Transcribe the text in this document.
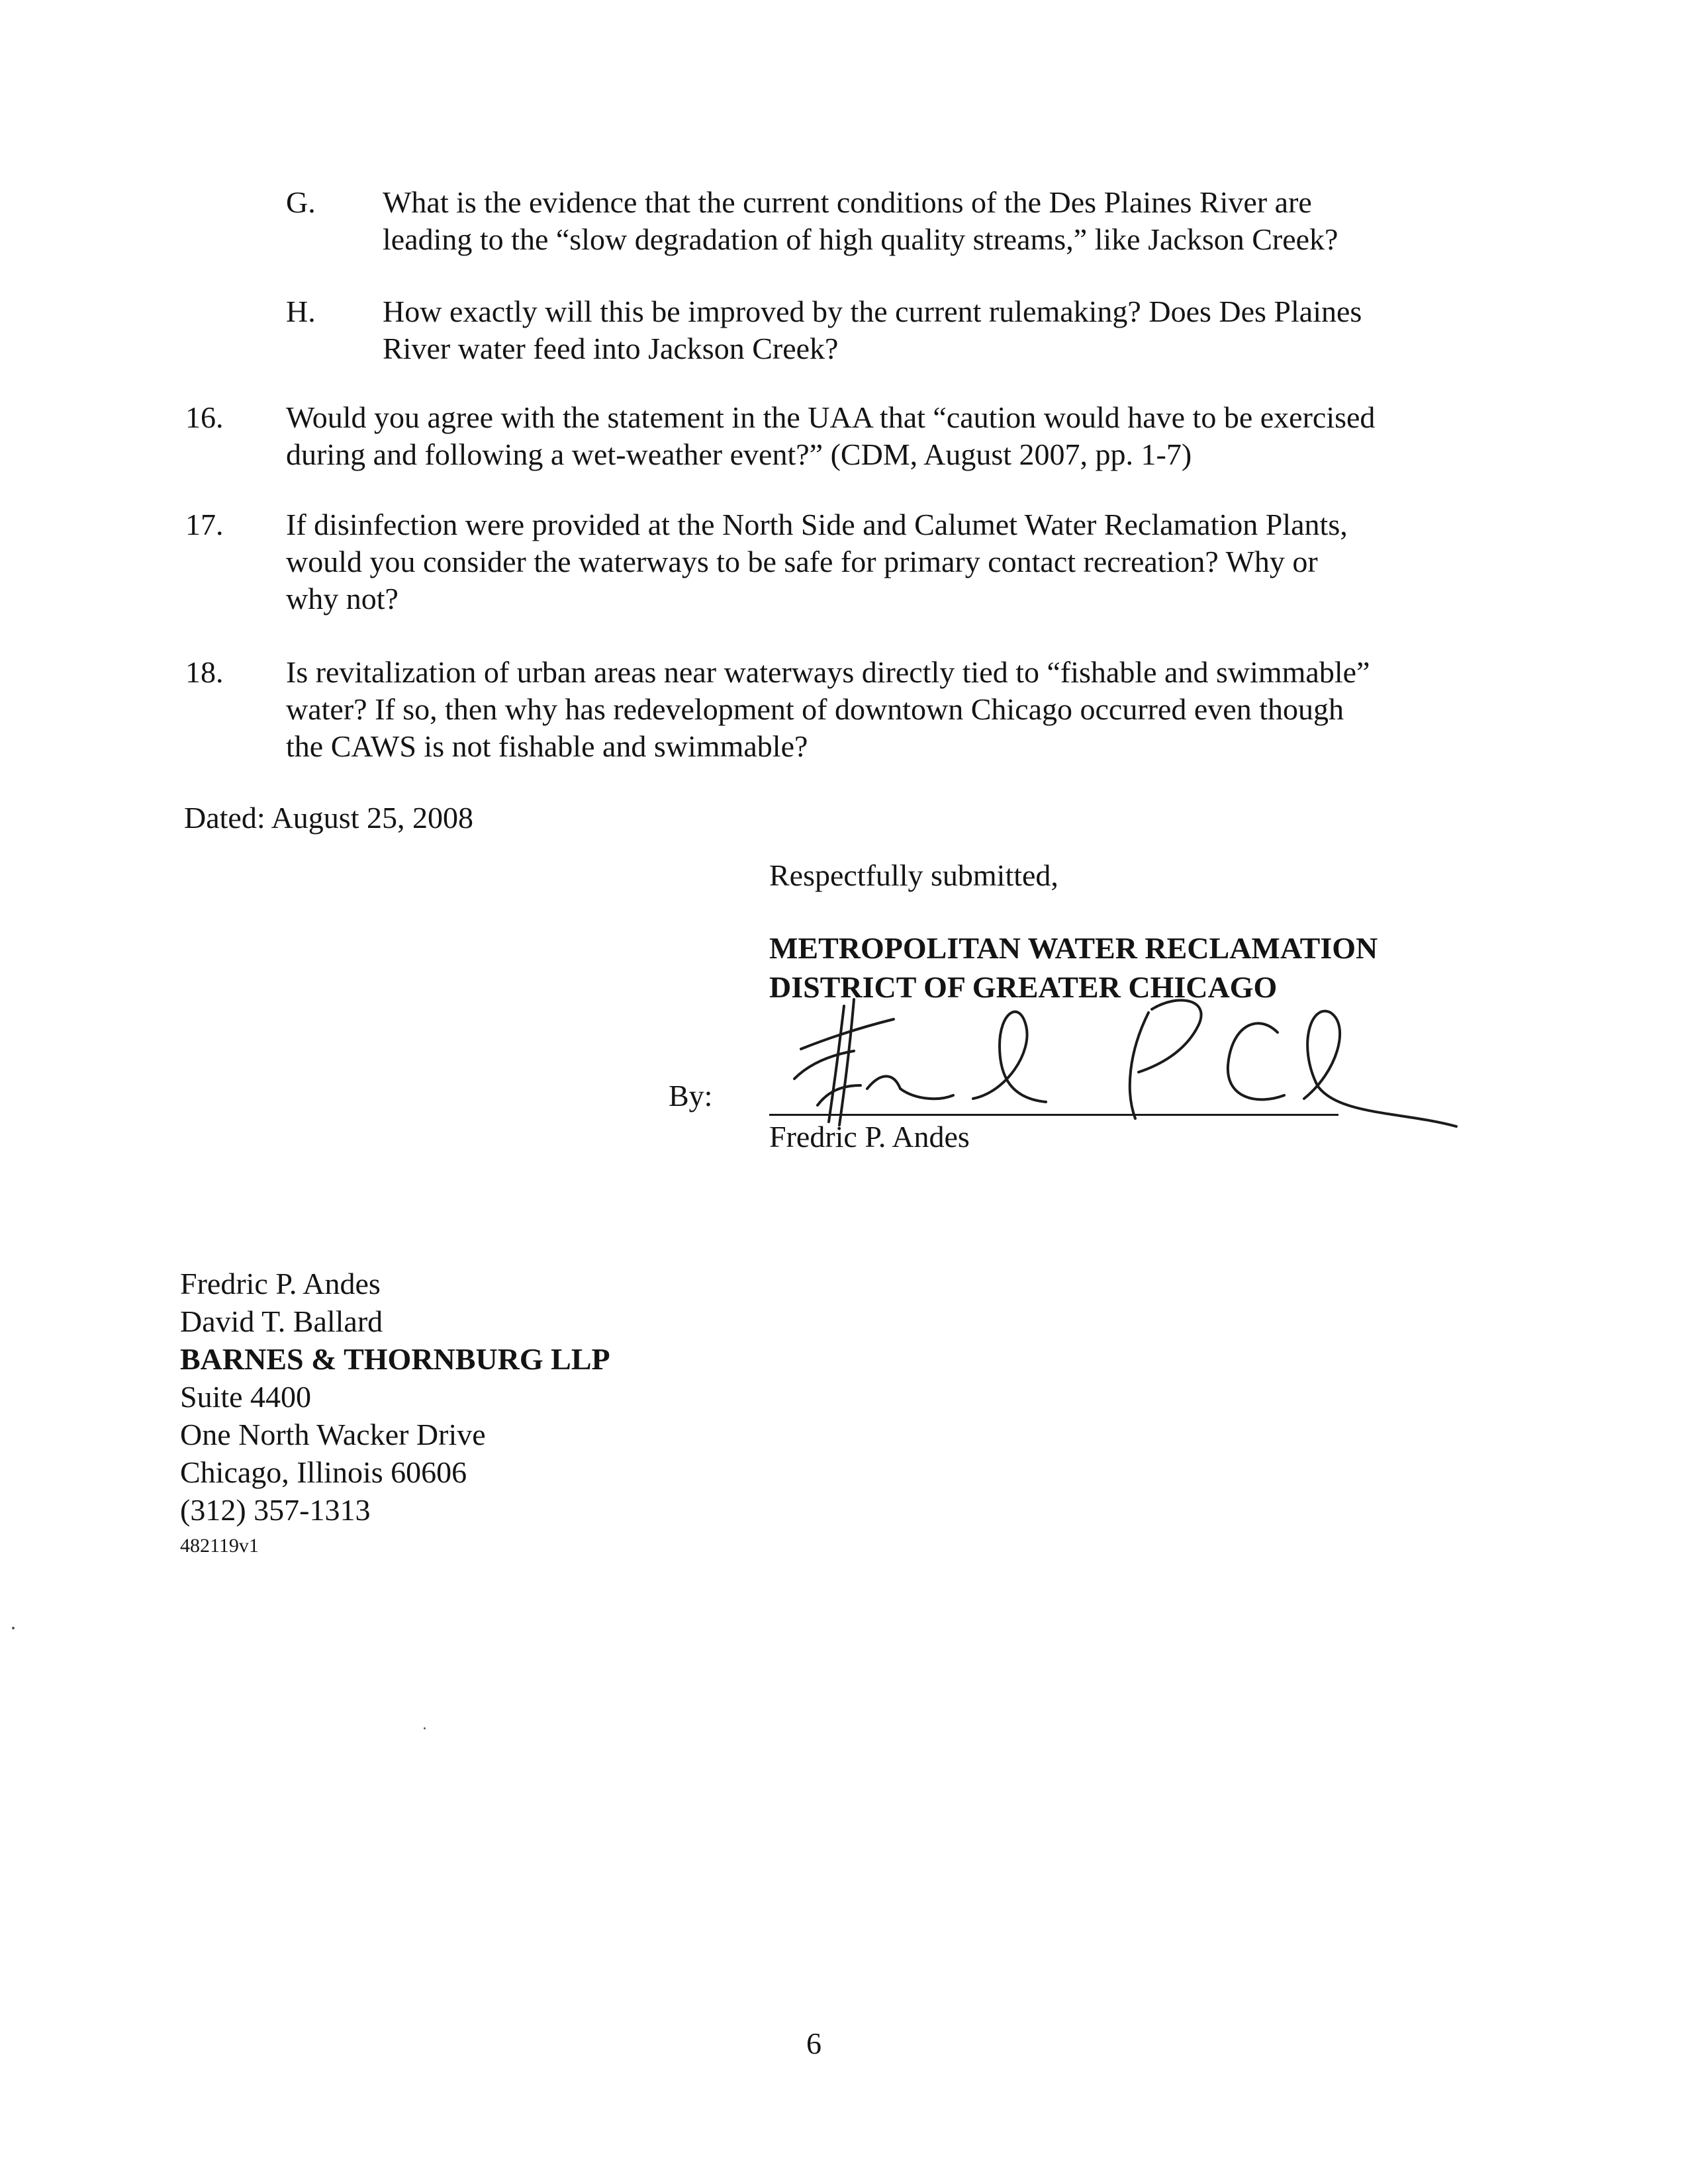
G. What is the evidence that the current conditions of the Des Plaines River are
leading to the “slow degradation of high quality streams,” like Jackson Creek?
H. How exactly will this be improved by the current rulemaking? Does Des Plaines
River water feed into Jackson Creek?
16. Would you agree with the statement in the UAA that “caution would have to be exercised
during and following a wet-weather event?” (CDM, August 2007, pp. 1-7)
17. If disinfection were provided at the North Side and Calumet Water Reclamation Plants,
would you consider the waterways to be safe for primary contact recreation? Why or
why not?
18. Is revitalization of urban areas near waterways directly tied to “fishable and swimmable”
water? If so, then why has redevelopment of downtown Chicago occurred even though
the CAWS is not fishable and swimmable?
Dated: August 25, 2008
Respectfully submitted,
METROPOLITAN WATER RECLAMATION
DISTRICT OF GREATER CHICAGO
By:
Fredric P. Andes
Fredric P. Andes
David T. Ballard
BARNES & THORNBURG LLP
Suite 4400
One North Wacker Drive
Chicago, Illinois 60606
(312) 357-1313
482119v1
6
